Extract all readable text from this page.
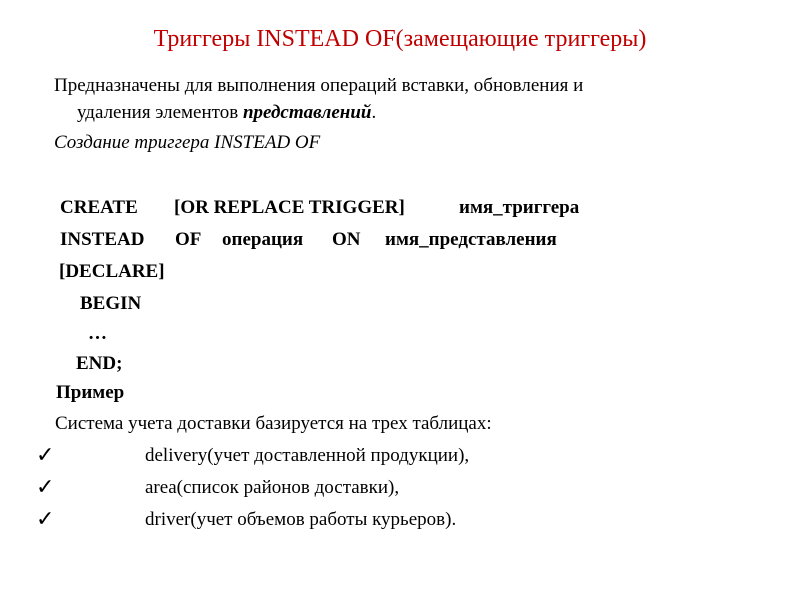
Триггеры INSTEAD OF(замещающие триггеры)
Предназначены для выполнения операций вставки, обновления и
удаления элементов представлений.
Создание триггера INSTEAD OF
CREATE [OR REPLACE TRIGGER]	имя_триггера
INSTEAD OF операция ON имя_представления
[DECLARE]
BEGIN
…
END;
Пример
Система учета доставки базируется на трех таблицах:
✓	delivery(учет доставленной продукции),
✓	area(список районов доставки),
✓	driver(учет объемов работы курьеров).
